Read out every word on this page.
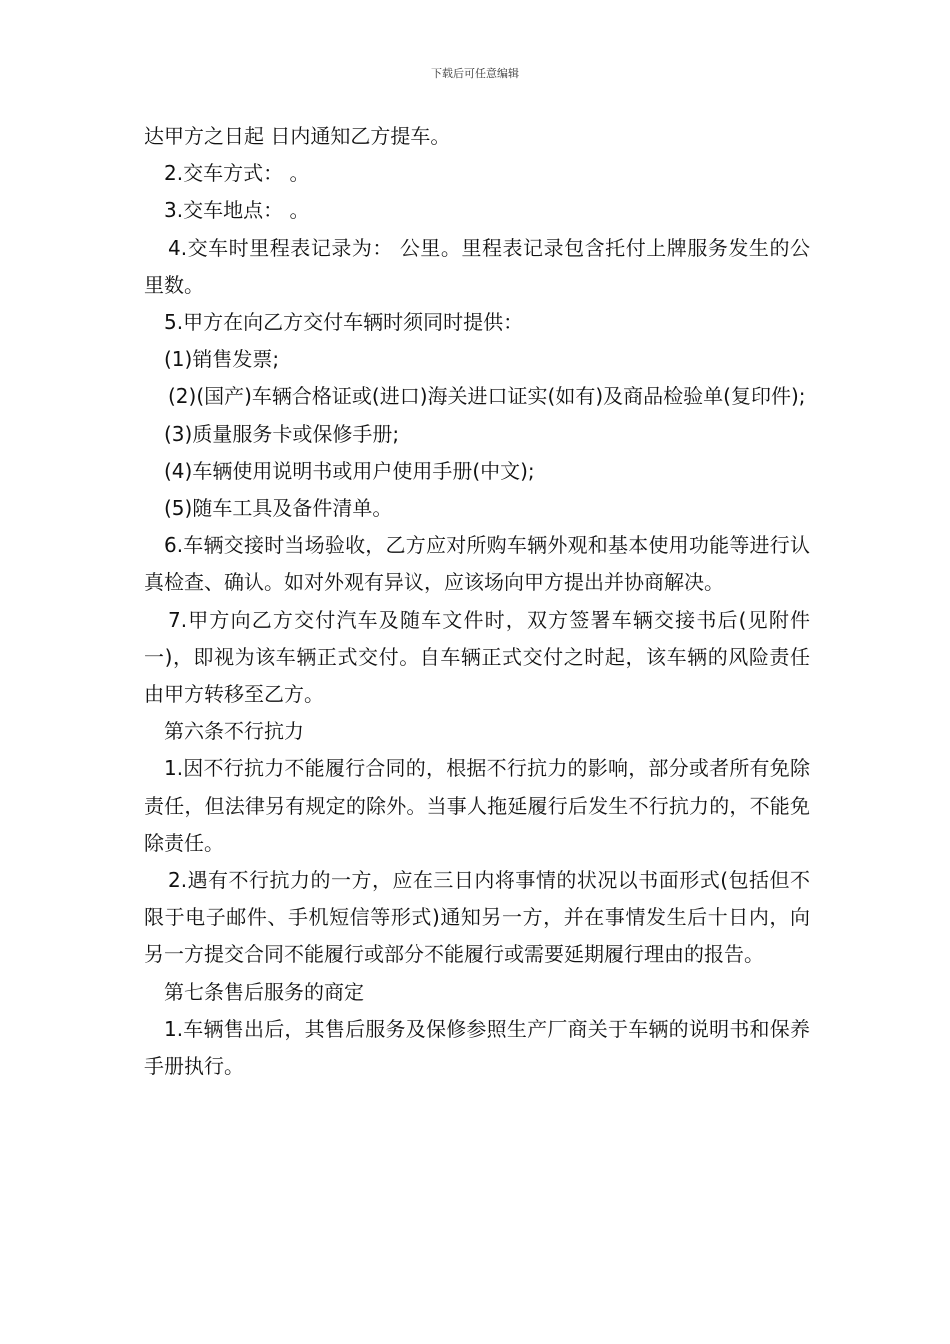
下载后可任意编辑

达甲方之日起 日内通知乙方提车。

2.交车方式： 。

3.交车地点： 。

4.交车时里程表记录为： 公里。里程表记录包含托付上牌服务发生的公里数。

5.甲方在向乙方交付车辆时须同时提供：

(1)销售发票;

(2)(国产)车辆合格证或(进口)海关进口证实(如有)及商品检验单(复印件);

(3)质量服务卡或保修手册;

(4)车辆使用说明书或用户使用手册(中文);

(5)随车工具及备件清单。

6.车辆交接时当场验收，乙方应对所购车辆外观和基本使用功能等进行认真检查、确认。如对外观有异议，应该场向甲方提出并协商解决。

7.甲方向乙方交付汽车及随车文件时，双方签署车辆交接书后(见附件一)，即视为该车辆正式交付。自车辆正式交付之时起，该车辆的风险责任由甲方转移至乙方。

第六条不行抗力

1.因不行抗力不能履行合同的，根据不行抗力的影响，部分或者所有免除责任，但法律另有规定的除外。当事人拖延履行后发生不行抗力的，不能免除责任。

2.遇有不行抗力的一方，应在三日内将事情的状况以书面形式(包括但不限于电子邮件、手机短信等形式)通知另一方，并在事情发生后十日内，向另一方提交合同不能履行或部分不能履行或需要延期履行理由的报告。

第七条售后服务的商定

1.车辆售出后，其售后服务及保修参照生产厂商关于车辆的说明书和保养手册执行。
